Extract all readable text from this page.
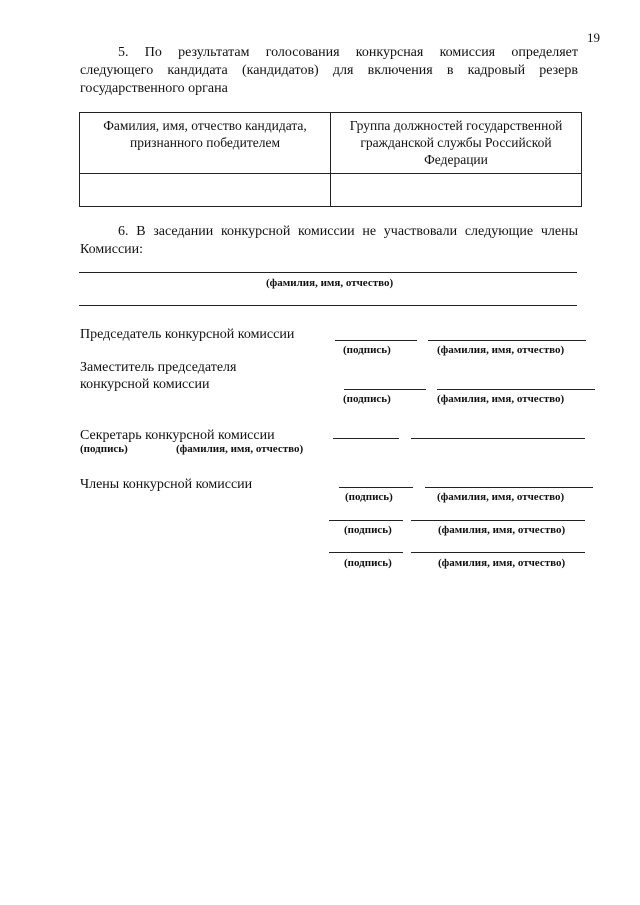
19

5. По результатам голосования конкурсная комиссия определяет следующего кандидата (кандидатов) для включения в кадровый резерв государственного органа

Фамилия, имя, отчество кандидата, признанного победителем	Группа должностей государственной гражданской службы Российской Федерации

6. В заседании конкурсной комиссии не участвовали следующие члены Комиссии:

(фамилия, имя, отчество)
Председатель конкурсной комиссии
(подпись)	(фамилия, имя, отчество)
Заместитель председателя
конкурсной комиссии
(подпись)	(фамилия, имя, отчество)
Секретарь конкурсной комиссии
(подпись)	(фамилия, имя, отчество)
Члены конкурсной комиссии
(подпись)	(фамилия, имя, отчество)
(подпись)	(фамилия, имя, отчество)
(подпись)	(фамилия, имя, отчество)
